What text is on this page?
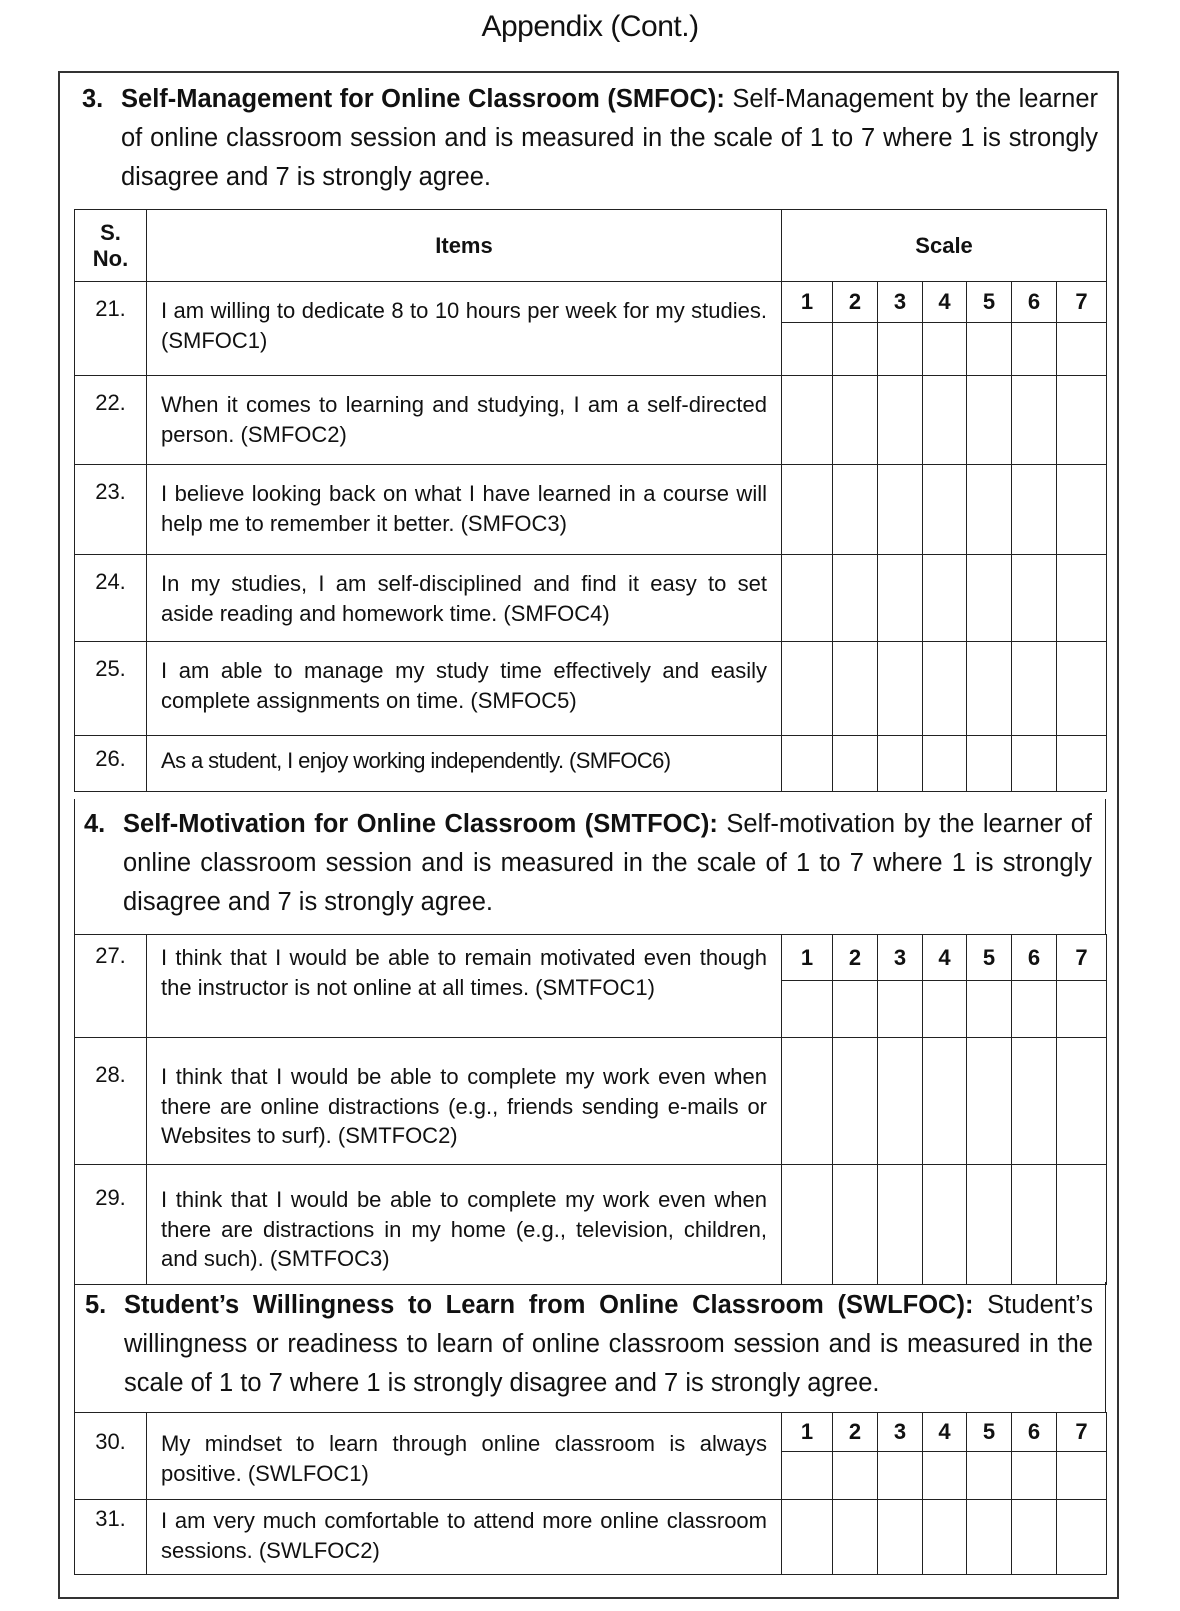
Appendix (Cont.)
3. Self-Management for Online Classroom (SMFOC): Self-Management by the learner of online classroom session and is measured in the scale of 1 to 7 where 1 is strongly disagree and 7 is strongly agree.
S. No.	Items	Scale						
21.	I am willing to dedicate 8 to 10 hours per week for my studies. (SMFOC1)	1	2	3	4	5	6	7

22.	When it comes to learning and studying, I am a self-directed person. (SMFOC2)							
23.	I believe looking back on what I have learned in a course will help me to remember it better. (SMFOC3)							
24.	In my studies, I am self-disciplined and find it easy to set aside reading and homework time. (SMFOC4)							
25.	I am able to manage my study time effectively and easily complete assignments on time. (SMFOC5)							
26.	As a student, I enjoy working independently. (SMFOC6)							
4. Self-Motivation for Online Classroom (SMTFOC): Self-motivation by the learner of online classroom session and is measured in the scale of 1 to 7 where 1 is strongly disagree and 7 is strongly agree.
27.	I think that I would be able to remain motivated even though the instructor is not online at all times. (SMTFOC1)	1	2	3	4	5	6	7

28.	I think that I would be able to complete my work even when there are online distractions (e.g., friends sending e-mails or Websites to surf). (SMTFOC2)							
29.	I think that I would be able to complete my work even when there are distractions in my home (e.g., television, children, and such). (SMTFOC3)							
5. Student’s Willingness to Learn from Online Classroom (SWLFOC): Student’s willingness or readiness to learn of online classroom session and is measured in the scale of 1 to 7 where 1 is strongly disagree and 7 is strongly agree.
30.	My mindset to learn through online classroom is always positive. (SWLFOC1)	1	2	3	4	5	6	7

31.	I am very much comfortable to attend more online classroom sessions. (SWLFOC2)							
